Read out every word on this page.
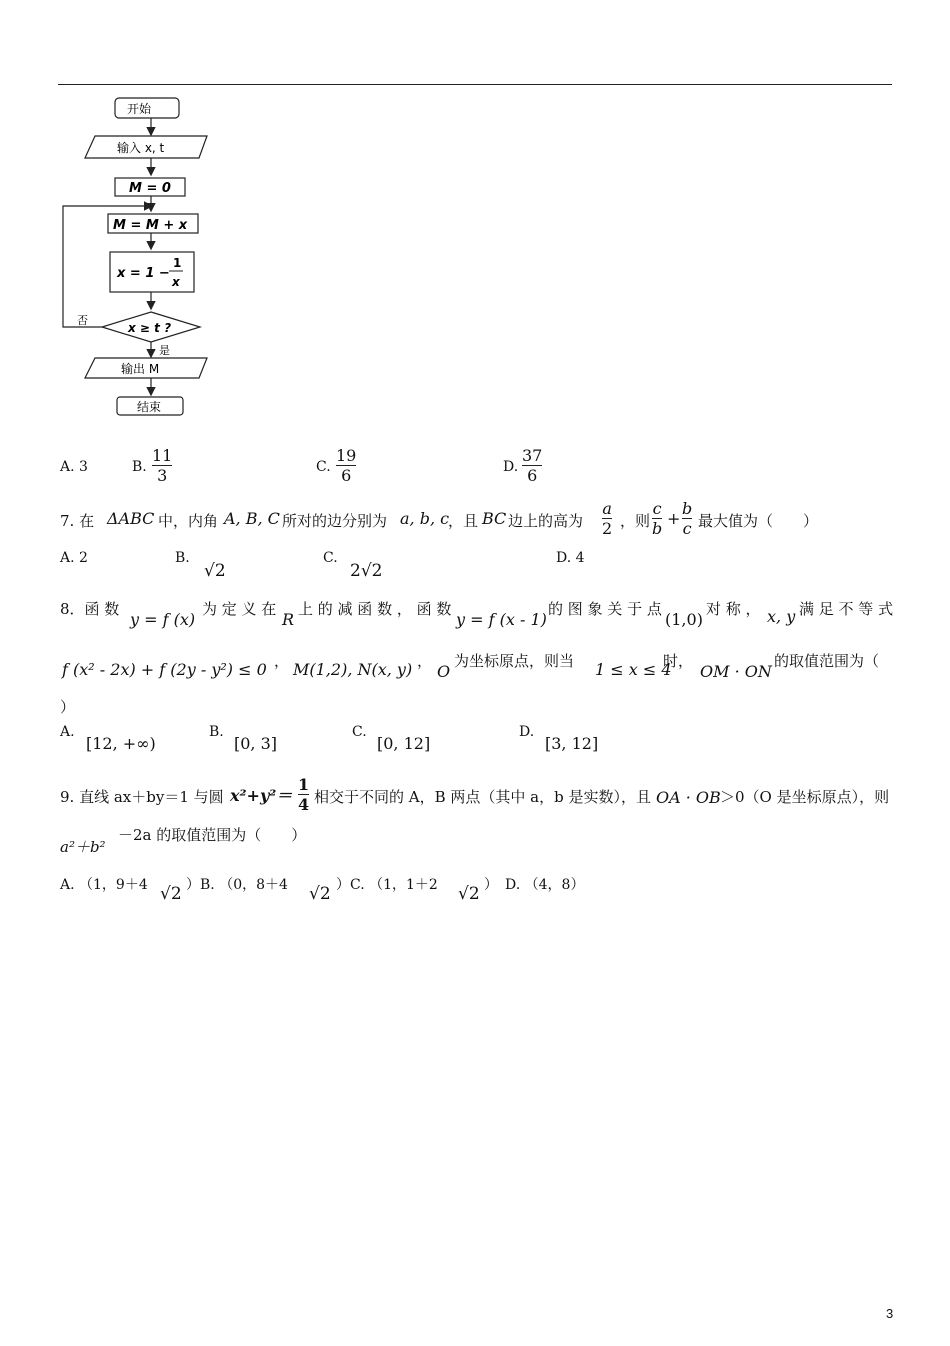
开始
输入 x, t
M = 0
M = M + x
x = 1 −
1
x
x ≥ t ?
否
是
输出 M
结束
A. 3	B.
11
3	C.
19
6	D.
37
6
7. 在 ΔABC 中，内角 A, B, C 所对的边分别为 a, b, c
，且 BC 边上的高为
a
2 ，则
c
b
+
b
c 最大值为（　　）
A. 2	B.
√2
C.
2√2
D. 4
8．函 数
y = f (x)
为 定 义 在
R
上 的 减 函 数 ， 函 数
y = f (x - 1)
的 图 象 关 于 点
(1,0)
对 称 ， x, y 满 足 不 等 式
f (x² - 2x) + f (2y - y²) ≤ 0 ， M(1,2), N(x, y) ，
O
为坐标原点，则当 1 ≤ x ≤ 4
时，
OM · ON
的取值范围为（
）
A.
[12, +∞)
B.
[0, 3]
C.
[0, 12]
D.
[3, 12]
9. 直线 ax＋by＝1 与圆 x²+y²＝
1
4 相交于不同的 A，B 两点（其中 a，b 是实数），且 OA · OB ＞0（O 是坐标原点），则
a²＋b²
－2a 的取值范围为（　　）
A. （1，9＋4 √2 ）B. （0，8＋4 √2 ）C. （1，1＋2 √2 ）　D. （4，8）
3
